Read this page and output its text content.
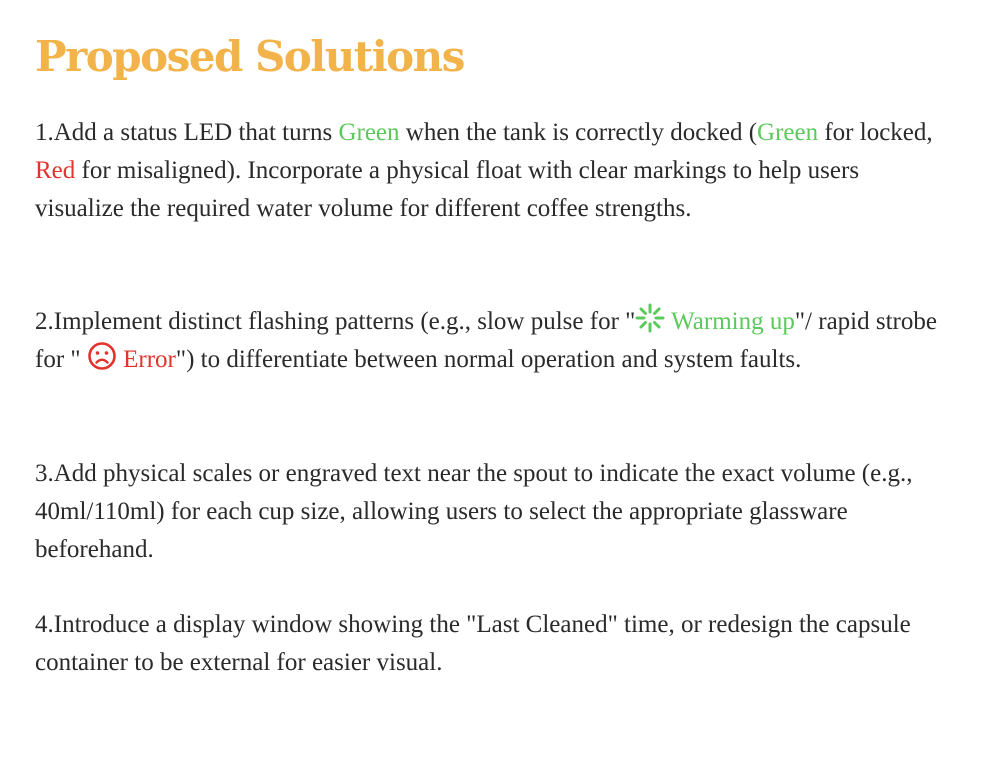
Proposed Solutions

1.Add a status LED that turns Green when the tank is correctly docked (Green for locked, Red for misaligned). Incorporate a physical float with clear markings to help users visualize the required water volume for different coffee strengths.

2.Implement distinct flashing patterns (e.g., slow pulse for "
Warming up"/ rapid strobe for "
Error") to differentiate between normal operation and system faults.

3.Add physical scales or engraved text near the spout to indicate the exact volume (e.g., 40ml/110ml) for each cup size, allowing users to select the appropriate glassware beforehand.

4.Introduce a display window showing the "Last Cleaned" time, or redesign the capsule container to be external for easier visual.
